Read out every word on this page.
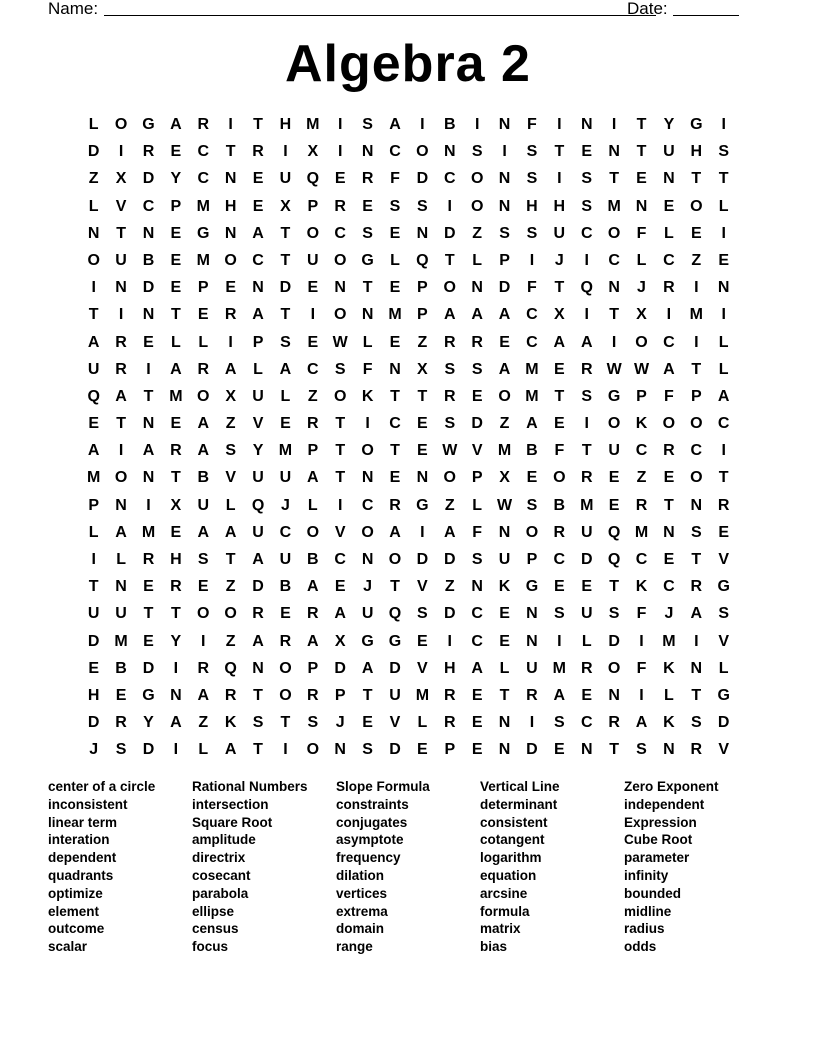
Name:	Date:
Algebra 2
L	O G A R	I	T	H M	I	S	A	I	B	I	N	F	I	N	I	T	Y G	I
D	I	R	E	C	T	R	I	X	I	N C O N	S	I	S	T	E	N	T	U H	S
Z	X	D	Y	C N	E	U Q E	R	F	D C O N	S	I	S	T	E	N	T	T
L	V	C	P M H	E	X	P	R	E	S	S	I	O N H H	S M N	E O	L
N	T	N	E G N A	T	O C	S	E	N D	Z	S	S	U C O	F	L	E	I
O U B	E M O C	T	U O G	L	Q	T	L	P	I	J	I	C	L	C	Z	E
I	N D	E	P	E	N D	E	N	T	E	P O N D	F	T	Q N	J	R	I	N
T	I	N	T	E	R A	T	I	O N M P	A A A C	X	I	T	X	I	M	I
A R	E	L	L	I	P	S	E W L	E	Z	R R	E	C A A	I	O C	I	L
U R	I	A R A	L	A C	S	F	N	X	S	S	A M E	R W W A	T	L
Q A	T M O X	U	L	Z	O K	T	T	R	E O M T	S G P	F	P	A
E	T	N	E	A	Z	V	E	R	T	I	C	E	S	D	Z	A	E	I	O K O O C
A	I	A R A	S	Y M P	T	O	T	E W V M B	F	T	U C R C	I
M O N	T	B	V	U U A	T	N	E	N O P	X	E O R	E	Z	E O	T
P	N	I	X	U	L	Q	J	L	I	C R G	Z	L W S	B M E	R	T	N R
L	A M E	A A U C O V O A	I	A	F	N O R U Q M N	S	E
I	L	R H	S	T	A U B C N O D D	S	U	P	C D Q C	E	T	V
T	N	E	R	E	Z	D B A	E	J	T	V	Z	N K G E	E	T	K C R G
U U	T	T	O O R	E	R A U Q S	D C	E	N	S	U	S	F	J	A	S
D M E	Y	I	Z	A R A	X G G E	I	C	E	N	I	L	D	I	M	I	V
E	B D	I	R Q N O P	D A D	V	H A	L	U M R O	F	K N	L
H	E G N A R	T	O R	P	T	U M R	E	T	R A	E	N	I	L	T	G
D R	Y	A	Z	K	S	T	S	J	E	V	L	R	E	N	I	S	C R A K	S	D
J	S	D	I	L	A	T	I	O N	S	D	E	P	E	N D	E	N	T	S	N R	V
center of a circle
inconsistent
linear term
interation
dependent
quadrants
optimize
element
outcome
scalar
Rational Numbers
intersection
Square Root
amplitude
directrix
cosecant
parabola
ellipse
census
focus
Slope Formula
constraints
conjugates
asymptote
frequency
dilation
vertices
extrema
domain
range
Vertical Line
determinant
consistent
cotangent
logarithm
equation
arcsine
formula
matrix
bias
Zero Exponent
independent
Expression
Cube Root
parameter
infinity
bounded
midline
radius
odds
